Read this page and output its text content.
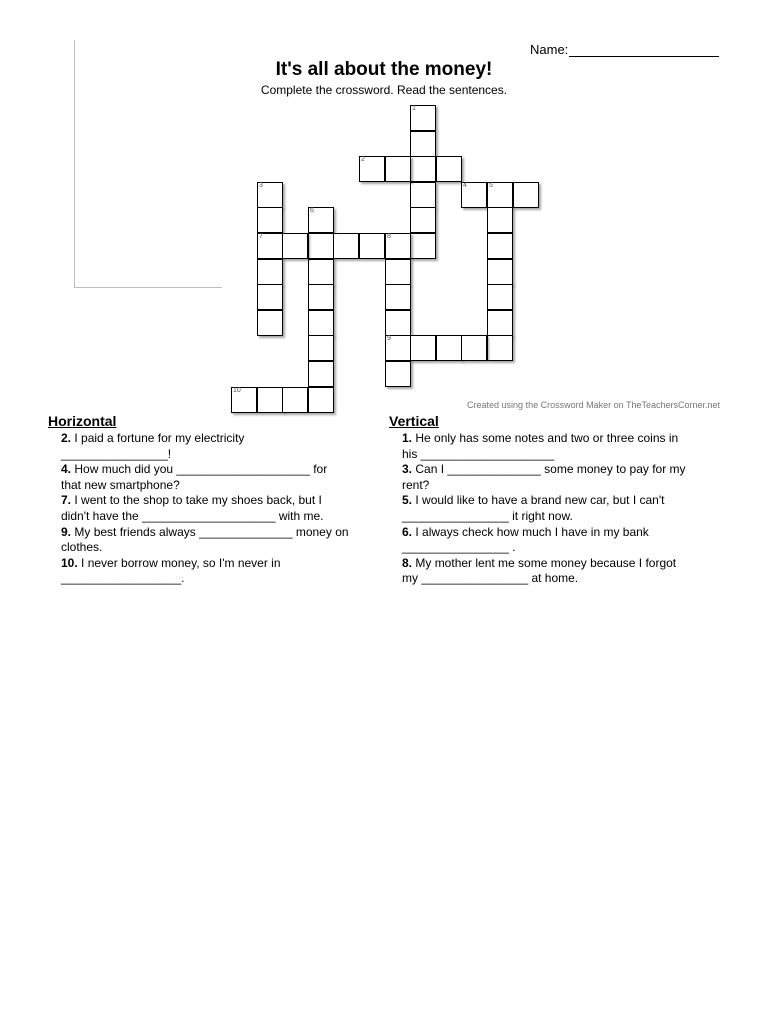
Name:
It's all about the money!
Complete the crossword. Read the sentences.
1
2
3
7
4	5
6
8
9
10
Created using the Crossword Maker on TheTeachersCorner.net
Horizontal

2. I paid a fortune for my electricity

________________!

4. How much did you ____________________ for

that new smartphone?

7. I went to the shop to take my shoes back, but I

didn't have the ____________________ with me.

9. My best friends always ______________ money on

clothes.

10. I never borrow money, so I'm never in

__________________.

Vertical

1. He only has some notes and two or three coins in

his ____________________

3. Can I ______________ some money to pay for my

rent?

5. I would like to have a brand new car, but I can't

________________ it right now.

6. I always check how much I have in my bank

________________ .

8. My mother lent me some money because I forgot

my ________________ at home.
